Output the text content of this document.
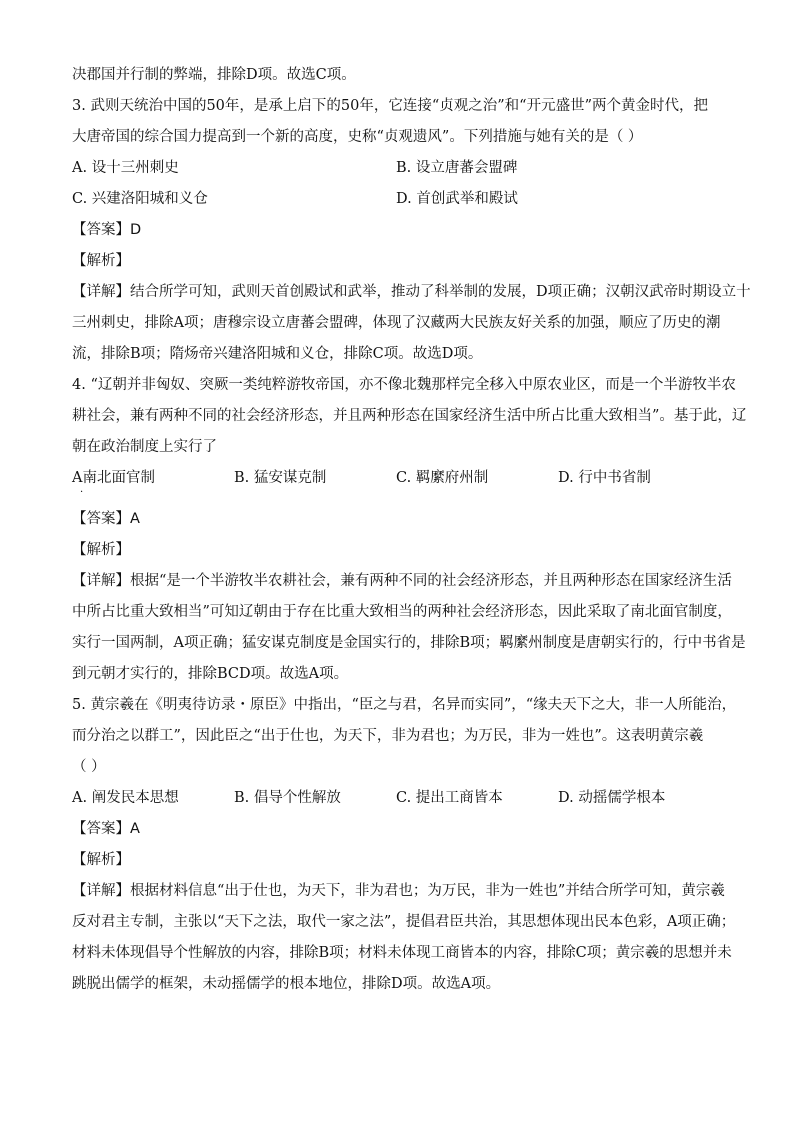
决郡国并行制的弊端，排除D项。故选C项。
3. 武则天统治中国的50年，是承上启下的50年，它连接“贞观之治”和“开元盛世”两个黄金时代，把
大唐帝国的综合国力提高到一个新的高度，史称“贞观遗风”。下列措施与她有关的是（ ）
A. 设十三州刺史	B. 设立唐蕃会盟碑
C. 兴建洛阳城和义仓	D. 首创武举和殿试
【答案】D
【解析】
【详解】结合所学可知，武则天首创殿试和武举，推动了科举制的发展，D项正确；汉朝汉武帝时期设立十
三州刺史，排除A项；唐穆宗设立唐蕃会盟碑，体现了汉藏两大民族友好关系的加强，顺应了历史的潮
流，排除B项；隋炀帝兴建洛阳城和义仓，排除C项。故选D项。
4. “辽朝并非匈奴、突厥一类纯粹游牧帝国，亦不像北魏那样完全移入中原农业区，而是一个半游牧半农
耕社会，兼有两种不同的社会经济形态，并且两种形态在国家经济生活中所占比重大致相当”。基于此，辽
朝在政治制度上实行了
A南北面官制	B. 猛安谋克制	C. 羁縻府州制	D. 行中书省制
·
【答案】A
【解析】
【详解】根据“是一个半游牧半农耕社会，兼有两种不同的社会经济形态，并且两种形态在国家经济生活
中所占比重大致相当”可知辽朝由于存在比重大致相当的两种社会经济形态，因此采取了南北面官制度，
实行一国两制，A项正确；猛安谋克制度是金国实行的，排除B项；羁縻州制度是唐朝实行的，行中书省是
到元朝才实行的，排除BCD项。故选A项。
5. 黄宗羲在《明夷待访录・原臣》中指出，“臣之与君，名异而实同”，“缘夫天下之大，非一人所能治，
而分治之以群工”，因此臣之“出于仕也，为天下，非为君也；为万民，非为一姓也”。这表明黄宗羲
（ ）
A. 阐发民本思想	B. 倡导个性解放	C. 提出工商皆本	D. 动摇儒学根本
【答案】A
【解析】
【详解】根据材料信息“出于仕也，为天下，非为君也；为万民，非为一姓也”并结合所学可知，黄宗羲
反对君主专制，主张以“天下之法，取代一家之法”，提倡君臣共治，其思想体现出民本色彩，A项正确；
材料未体现倡导个性解放的内容，排除B项；材料未体现工商皆本的内容，排除C项；黄宗羲的思想并未
跳脱出儒学的框架，未动摇儒学的根本地位，排除D项。故选A项。
